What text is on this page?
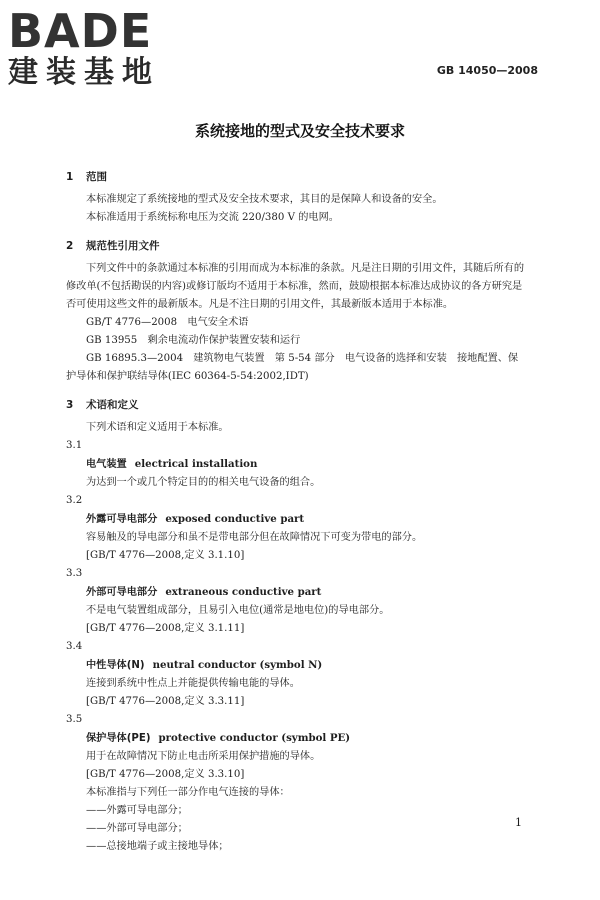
BADE
建装基地	GB 14050—2008
系统接地的型式及安全技术要求

1 范围

本标准规定了系统接地的型式及安全技术要求，其目的是保障人和设备的安全。

本标准适用于系统标称电压为交流 220/380 V 的电网。

2 规范性引用文件

下列文件中的条款通过本标准的引用而成为本标准的条款。凡是注日期的引用文件，其随后所有的修改单(不包括勘误的内容)或修订版均不适用于本标准，然而，鼓励根据本标准达成协议的各方研究是否可使用这些文件的最新版本。凡是不注日期的引用文件，其最新版本适用于本标准。

GB/T 4776—2008　电气安全术语

GB 13955　剩余电流动作保护装置安装和运行

GB 16895.3—2004　建筑物电气装置　第 5-54 部分　电气设备的选择和安装　接地配置、保护导体和保护联结导体(IEC 60364-5-54:2002,IDT)

3 术语和定义

下列术语和定义适用于本标准。

3.1

电气装置 electrical installation

为达到一个或几个特定目的的相关电气设备的组合。

3.2

外露可导电部分 exposed conductive part

容易触及的导电部分和虽不是带电部分但在故障情况下可变为带电的部分。

[GB/T 4776—2008,定义 3.1.10]

3.3

外部可导电部分 extraneous conductive part

不是电气装置组成部分，且易引入电位(通常是地电位)的导电部分。

[GB/T 4776—2008,定义 3.1.11]

3.4

中性导体(N) neutral conductor (symbol N)

连接到系统中性点上并能提供传输电能的导体。

[GB/T 4776—2008,定义 3.3.11]

3.5

保护导体(PE) protective conductor (symbol PE)

用于在故障情况下防止电击所采用保护措施的导体。

[GB/T 4776—2008,定义 3.3.10]

本标准指与下列任一部分作电气连接的导体：

——外露可导电部分；

——外部可导电部分；

——总接地端子或主接地导体；

1
